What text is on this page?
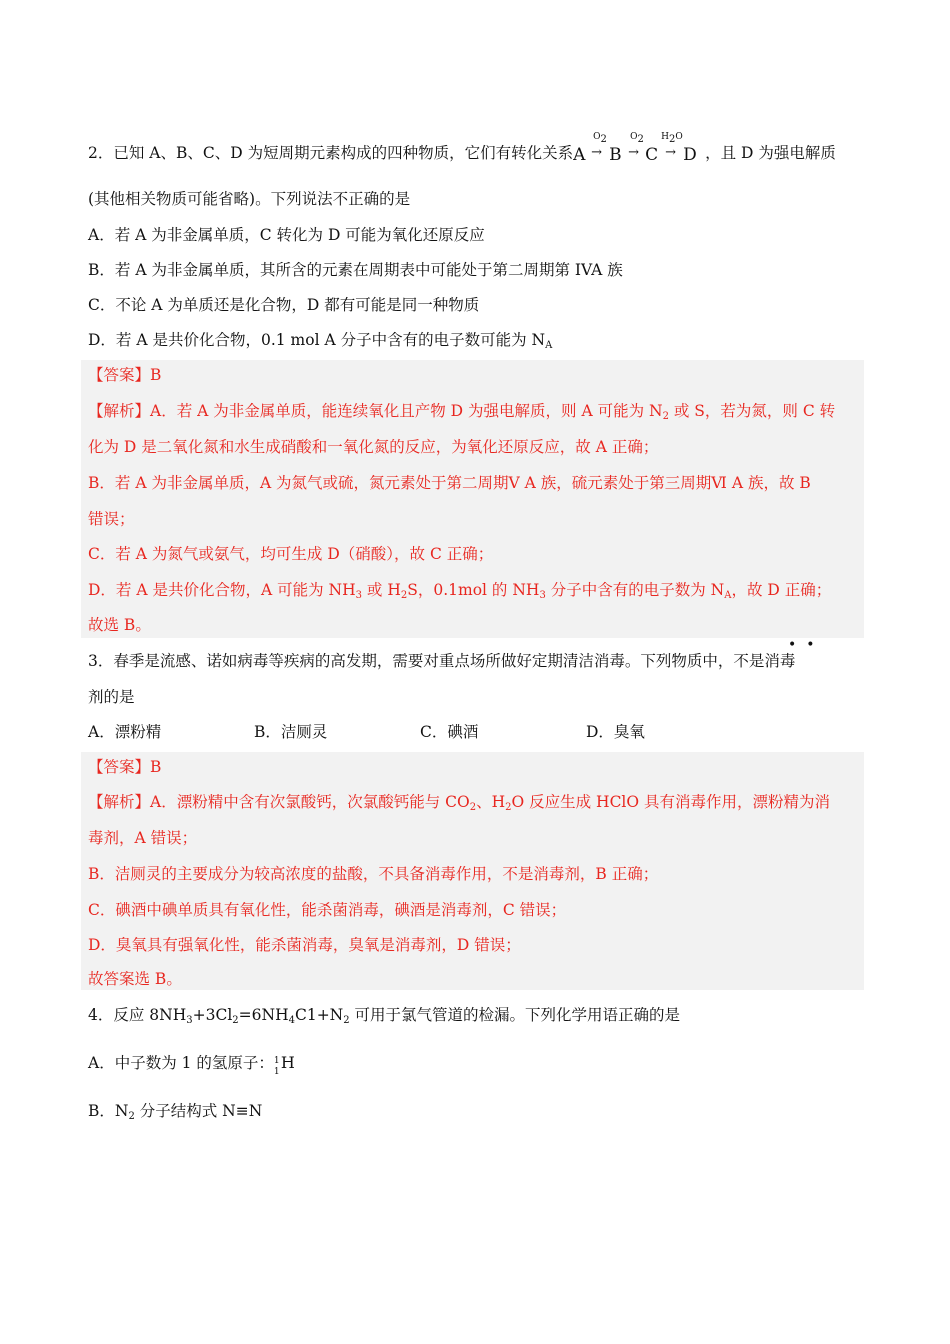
2．已知 A、B、C、D 为短周期元素构成的四种物质，它们有转化关系 A
$O_2$
→ B
$O_2$
→ C
$H_2O$
→ D ，且 D 为强电解质
(其他相关物质可能省略)。下列说法不正确的是
A．若 A 为非金属单质，C 转化为 D 可能为氧化还原反应
B．若 A 为非金属单质，其所含的元素在周期表中可能处于第二周期第 IVA 族
C．不论 A 为单质还是化合物，D 都有可能是同一种物质
D．若 A 是共价化合物，0.1 mol A 分子中含有的电子数可能为 $N_A$
【答案】B
【解析】A．若 A 为非金属单质，能连续氧化且产物 D 为强电解质，则 A 可能为 $N_2$ 或 S，若为氮，则 C 转
化为 D 是二氧化氮和水生成硝酸和一氧化氮的反应，为氧化还原反应，故 A 正确；
B．若 A 为非金属单质，A 为氮气或硫，氮元素处于第二周期Ⅴ A 族，硫元素处于第三周期Ⅵ A 族，故 B
错误；
C．若 A 为氮气或氨气，均可生成 D（硝酸），故 C 正确；
D．若 A 是共价化合物，A 可能为 $NH_3$ 或 $H_2S$，0.1mol 的 $NH_3$ 分子中含有的电子数为 $N_A$，故 D 正确；
故选 B。
••
3．春季是流感、诺如病毒等疾病的高发期，需要对重点场所做好定期清洁消毒。下列物质中，不是消毒
剂的是
A．漂粉精	B．洁厕灵	C．碘酒	D．臭氧
【答案】B
【解析】A．漂粉精中含有次氯酸钙，次氯酸钙能与 $CO_2$、$H_2O$ 反应生成 HClO 具有消毒作用，漂粉精为消
毒剂，A 错误；
B．洁厕灵的主要成分为较高浓度的盐酸，不具备消毒作用，不是消毒剂，B 正确；
C．碘酒中碘单质具有氧化性，能杀菌消毒，碘酒是消毒剂，C 错误；
D．臭氧具有强氧化性，能杀菌消毒，臭氧是消毒剂，D 错误；
故答案选 B。
4．反应 $8NH_3+3Cl_2=6NH_4C1+N_2$ 可用于氯气管道的检漏。下列化学用语正确的是
A．中子数为 1 的氢原子： 1
1 H
B．$N_2$ 分子结构式 N≡N
